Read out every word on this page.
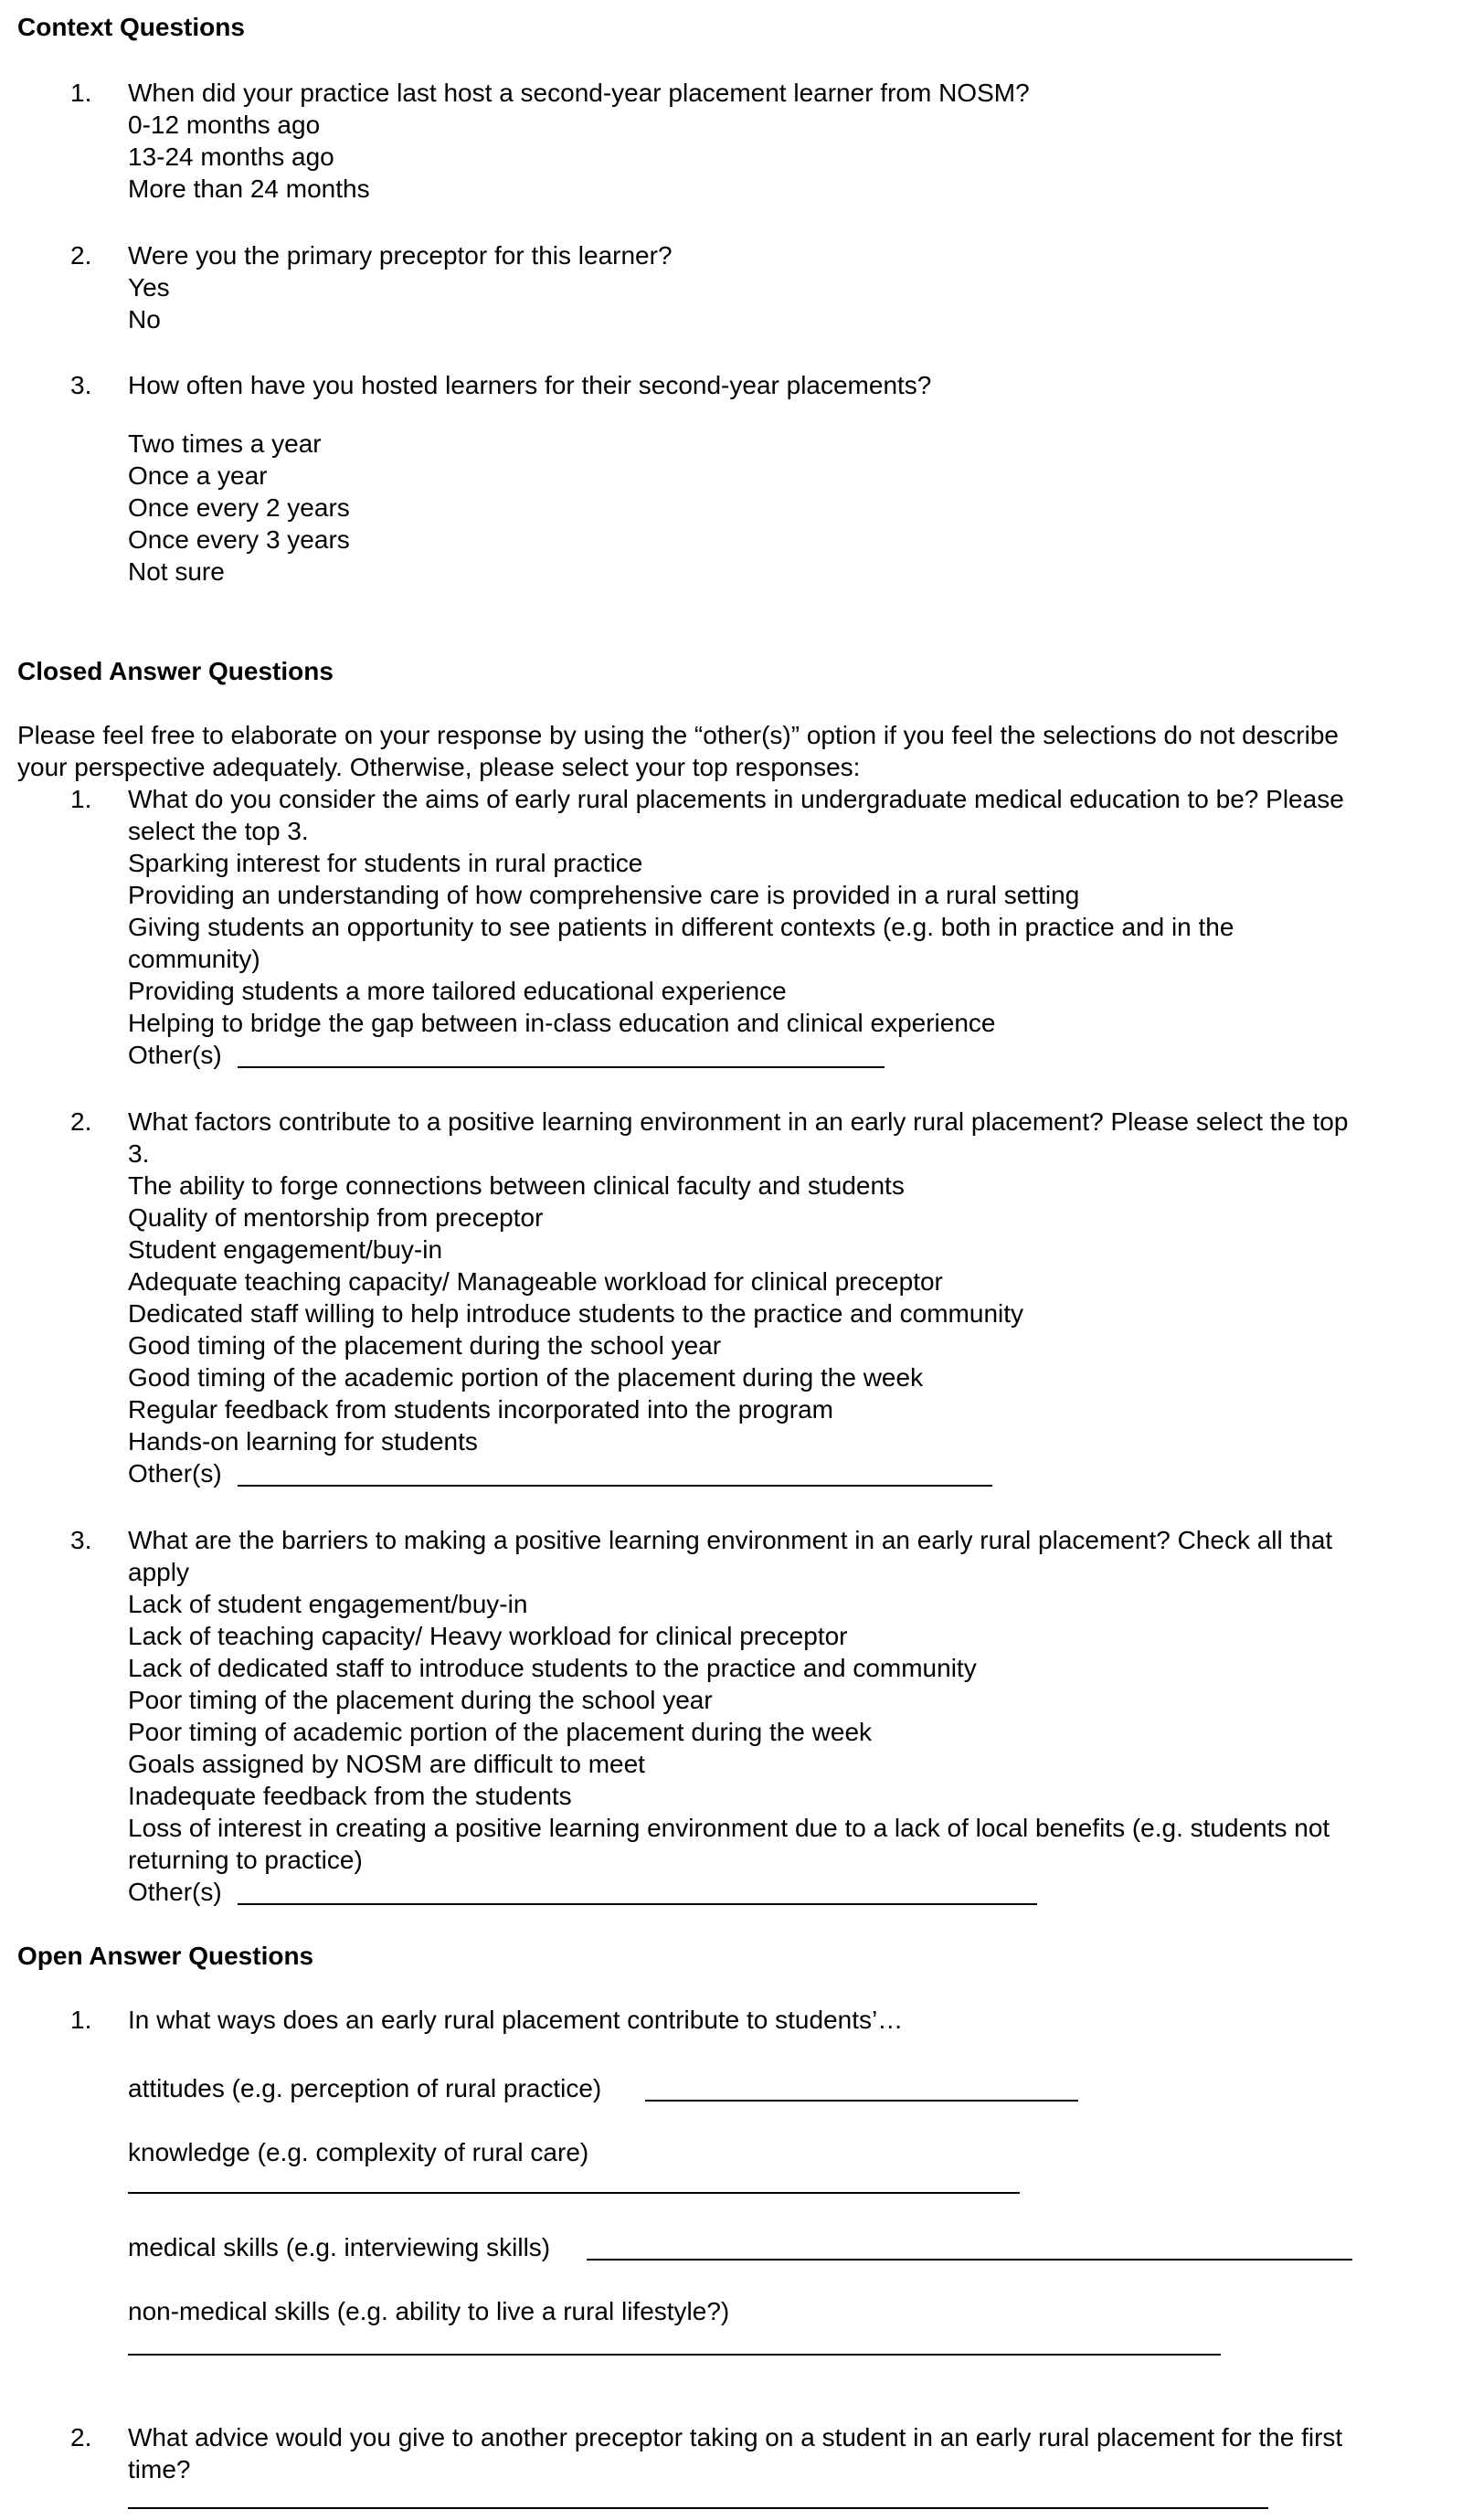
Context Questions
1. When did your practice last host a second-year placement learner from NOSM?
0-12 months ago
13-24 months ago
More than 24 months
2. Were you the primary preceptor for this learner?
Yes
No
3. How often have you hosted learners for their second-year placements?
Two times a year
Once a year
Once every 2 years
Once every 3 years
Not sure
Closed Answer Questions
Please feel free to elaborate on your response by using the “other(s)” option if you feel the selections do not describe
your perspective adequately. Otherwise, please select your top responses:
1. What do you consider the aims of early rural placements in undergraduate medical education to be? Please
select the top 3.
Sparking interest for students in rural practice
Providing an understanding of how comprehensive care is provided in a rural setting
Giving students an opportunity to see patients in different contexts (e.g. both in practice and in the
community)
Providing students a more tailored educational experience
Helping to bridge the gap between in-class education and clinical experience
Other(s)
2. What factors contribute to a positive learning environment in an early rural placement? Please select the top
3.
The ability to forge connections between clinical faculty and students
Quality of mentorship from preceptor
Student engagement/buy-in
Adequate teaching capacity/ Manageable workload for clinical preceptor
Dedicated staff willing to help introduce students to the practice and community
Good timing of the placement during the school year
Good timing of the academic portion of the placement during the week
Regular feedback from students incorporated into the program
Hands-on learning for students
Other(s)
3. What are the barriers to making a positive learning environment in an early rural placement? Check all that
apply
Lack of student engagement/buy-in
Lack of teaching capacity/ Heavy workload for clinical preceptor
Lack of dedicated staff to introduce students to the practice and community
Poor timing of the placement during the school year
Poor timing of academic portion of the placement during the week
Goals assigned by NOSM are difficult to meet
Inadequate feedback from the students
Loss of interest in creating a positive learning environment due to a lack of local benefits (e.g. students not
returning to practice)
Other(s)
Open Answer Questions
1. In what ways does an early rural placement contribute to students’…
attitudes (e.g. perception of rural practice)
knowledge (e.g. complexity of rural care)
medical skills (e.g. interviewing skills)
non-medical skills (e.g. ability to live a rural lifestyle?)
2. What advice would you give to another preceptor taking on a student in an early rural placement for the first
time?
